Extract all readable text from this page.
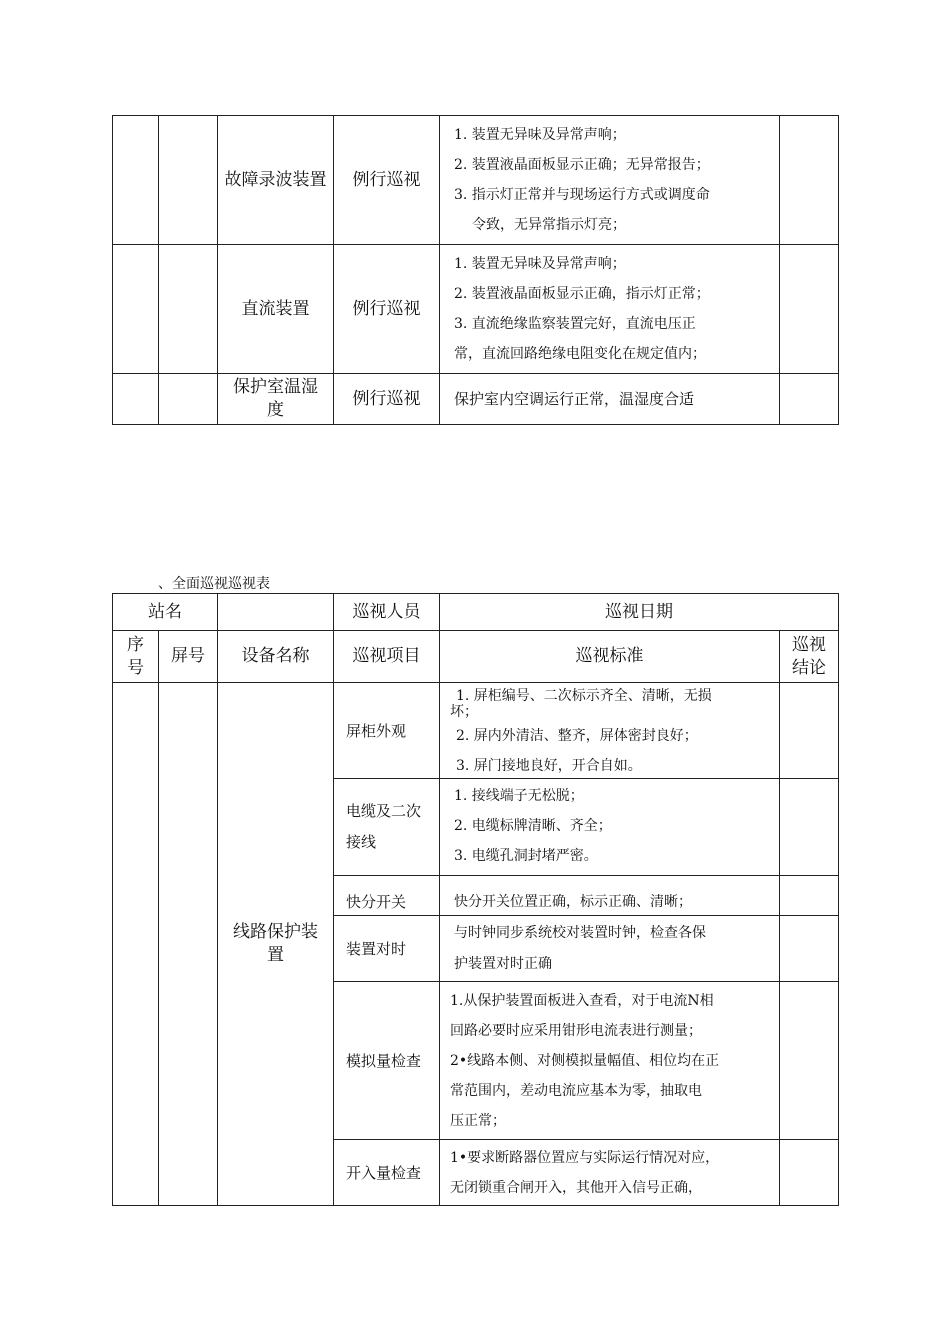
		故障录波装置	例行巡视	1. 装置无异味及异常声响；
2. 装置液晶面板显示正确；无异常报告；
3. 指示灯正常并与现场运行方式或调度命
令致，无异常指示灯亮；	

		直流装置	例行巡视	1. 装置无异味及异常声响；
2. 装置液晶面板显示正确，指示灯正常；
3. 直流绝缘监察装置完好，直流电压正
常，直流回路绝缘电阻变化在规定值内；	

		保护室温湿度	例行巡视	保护室内空调运行正常，温湿度合适	

、全面巡视巡视表
站名			巡视人员	巡视日期	
序号	屏号	设备名称	巡视项目	巡视标准	巡视结论
		线路保护装置	屏柜外观	1. 屏柜编号、二次标示齐全、清晰，无损
坏；
2. 屏内外清洁、整齐，屏体密封良好；
3. 屏门接地良好，开合自如。	

			电缆及二次接线	1. 接线端子无松脱；
2. 电缆标牌清晰、齐全；
3. 电缆孔洞封堵严密。	

			快分开关	快分开关位置正确，标示正确、清晰；	

			装置对时	与时钟同步系统校对装置时钟，检查各保
护装置对时正确	

			模拟量检查	1.从保护装置面板进入查看，对于电流N相
回路必要时应采用钳形电流表进行测量；
2•线路本侧、对侧模拟量幅值、相位均在正
常范围内，差动电流应基本为零，抽取电
压正常；	

			开入量检查	1•要求断路器位置应与实际运行情况对应，
无闭锁重合闸开入，其他开入信号正确，	
